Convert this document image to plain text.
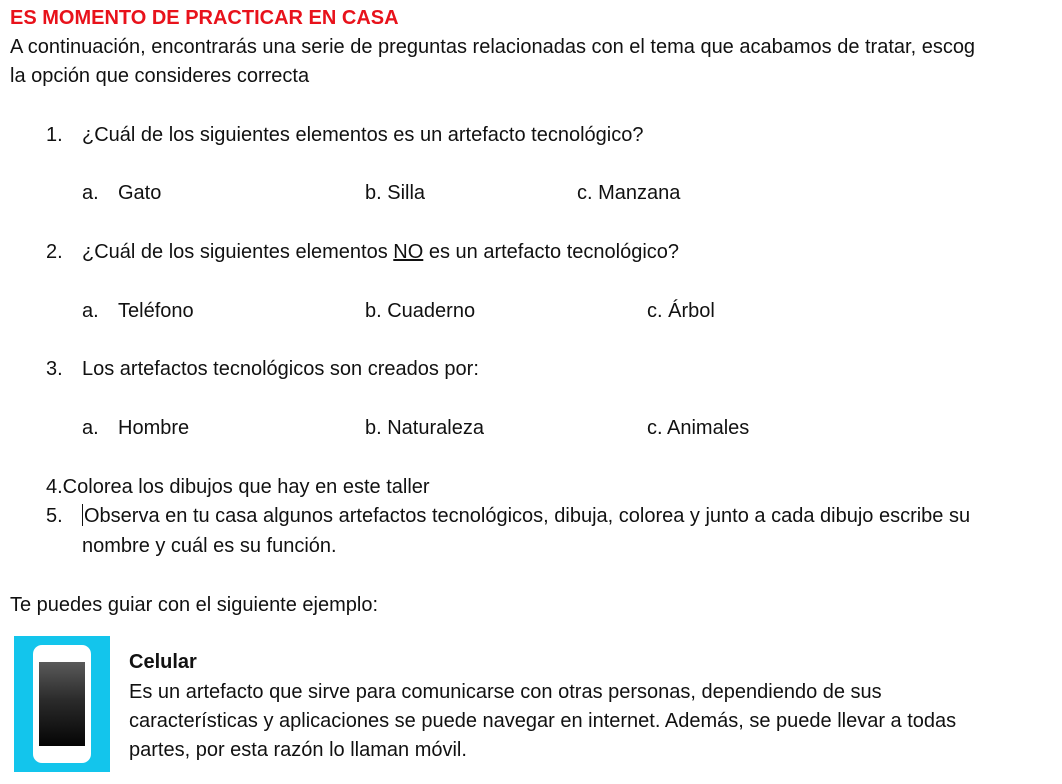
ES MOMENTO DE PRACTICAR EN CASA
A continuación, encontrarás una serie de preguntas relacionadas con el tema que acabamos de tratar, escog
la opción que consideres correcta
1. ¿Cuál de los siguientes elementos es un artefacto tecnológico?
a. Gato	b. Silla	c. Manzana
2. ¿Cuál de los siguientes elementos NO es un artefacto tecnológico?
a. Teléfono	b. Cuaderno	c. Árbol
3. Los artefactos tecnológicos son creados por:
a. Hombre	b. Naturaleza	c. Animales
4.Colorea los dibujos que hay en este taller
5. Observa en tu casa algunos artefactos tecnológicos, dibuja, colorea y junto a cada dibujo escribe su
nombre y cuál es su función.
Te puedes guiar con el siguiente ejemplo:
Celular
Es un artefacto que sirve para comunicarse con otras personas, dependiendo de sus
características y aplicaciones se puede navegar en internet. Además, se puede llevar a todas
partes, por esta razón lo llaman móvil.
